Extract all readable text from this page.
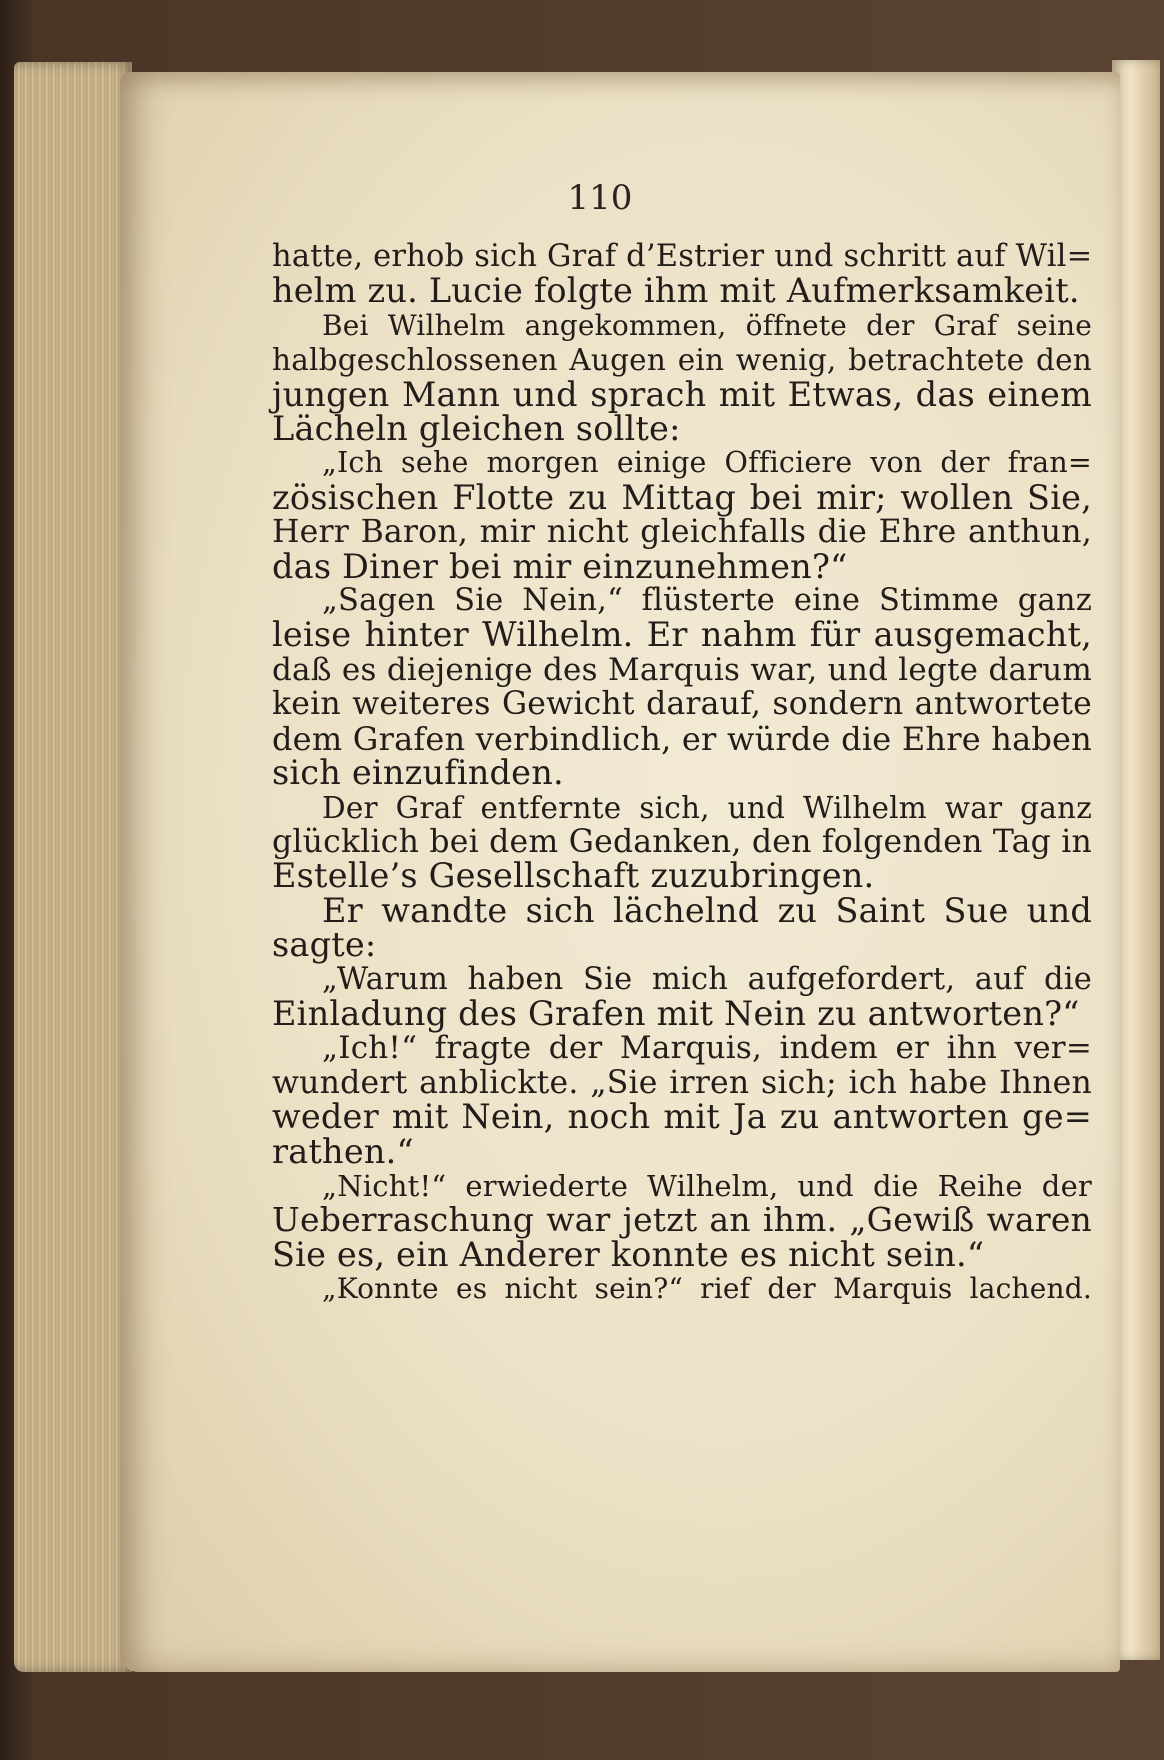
110
hatte, erhob sich Graf d’Estrier und schritt auf Wil=
helm zu. Lucie folgte ihm mit Aufmerksamkeit.
Bei Wilhelm angekommen, öffnete der Graf seine
halbgeschlossenen Augen ein wenig, betrachtete den
jungen Mann und sprach mit Etwas, das einem
Lächeln gleichen sollte:
„Ich sehe morgen einige Officiere von der fran=
zösischen Flotte zu Mittag bei mir; wollen Sie,
Herr Baron, mir nicht gleichfalls die Ehre anthun,
das Diner bei mir einzunehmen?“
„Sagen Sie Nein,“ flüsterte eine Stimme ganz
leise hinter Wilhelm. Er nahm für ausgemacht,
daß es diejenige des Marquis war, und legte darum
kein weiteres Gewicht darauf, sondern antwortete
dem Grafen verbindlich, er würde die Ehre haben
sich einzufinden.
Der Graf entfernte sich, und Wilhelm war ganz
glücklich bei dem Gedanken, den folgenden Tag in
Estelle’s Gesellschaft zuzubringen.
Er wandte sich lächelnd zu Saint Sue und
sagte:
„Warum haben Sie mich aufgefordert, auf die
Einladung des Grafen mit Nein zu antworten?“
„Ich!“ fragte der Marquis, indem er ihn ver=
wundert anblickte. „Sie irren sich; ich habe Ihnen
weder mit Nein, noch mit Ja zu antworten ge=
rathen.“
„Nicht!“ erwiederte Wilhelm, und die Reihe der
Ueberraschung war jetzt an ihm. „Gewiß waren
Sie es, ein Anderer konnte es nicht sein.“
„Konnte es nicht sein?“ rief der Marquis lachend.
